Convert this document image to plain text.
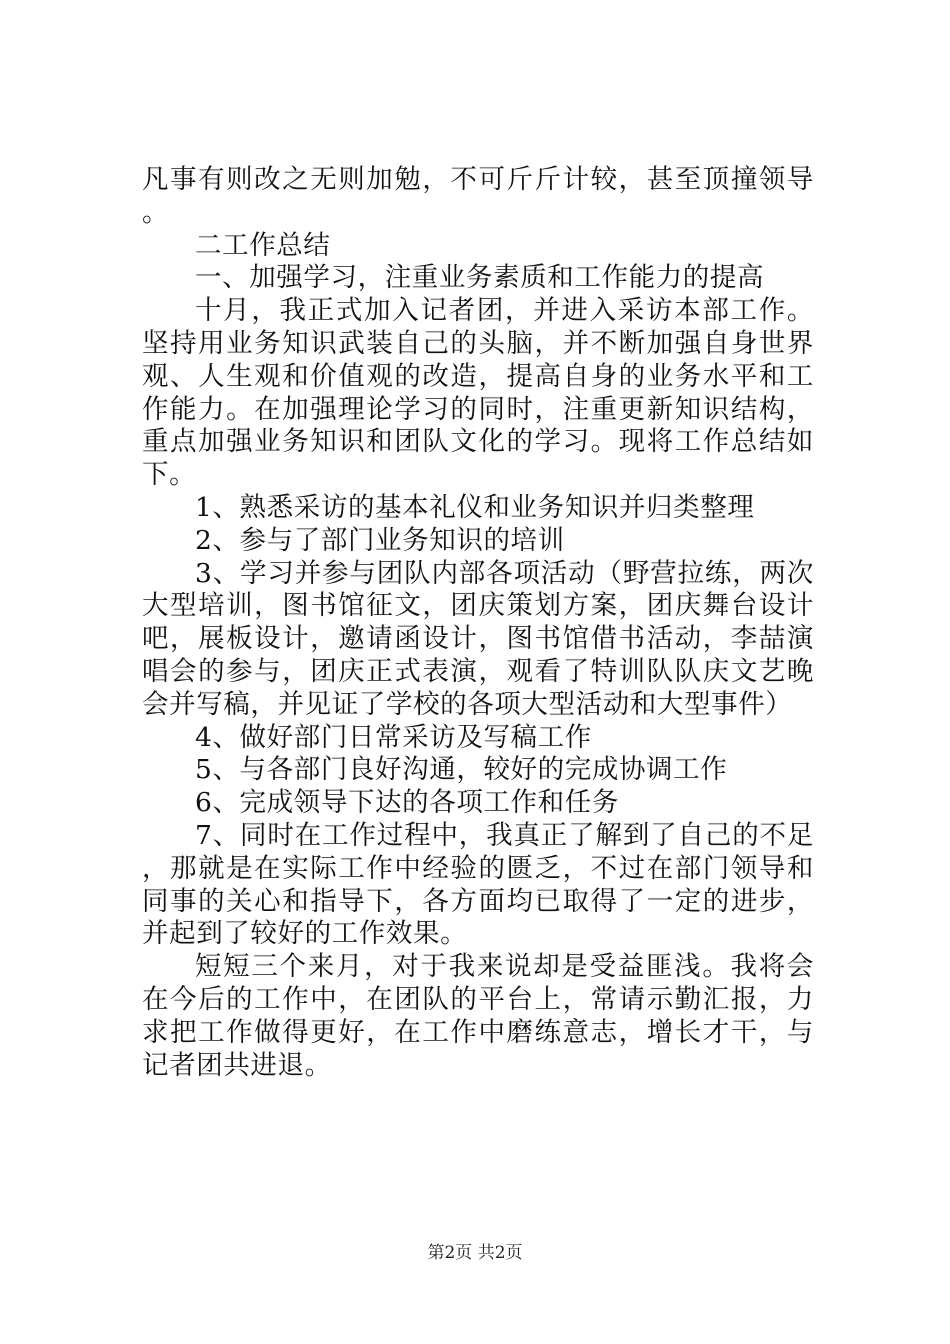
凡事有则改之无则加勉，不可斤斤计较，甚至顶撞领导。

二工作总结

一、加强学习，注重业务素质和工作能力的提高

十月，我正式加入记者团，并进入采访本部工作。坚持用业务知识武装自己的头脑，并不断加强自身世界观、人生观和价值观的改造，提高自身的业务水平和工作能力。在加强理论学习的同时，注重更新知识结构，重点加强业务知识和团队文化的学习。现将工作总结如下。

1、熟悉采访的基本礼仪和业务知识并归类整理

2、参与了部门业务知识的培训

3、学习并参与团队内部各项活动（野营拉练，两次大型培训，图书馆征文，团庆策划方案，团庆舞台设计吧，展板设计，邀请函设计，图书馆借书活动，李喆演唱会的参与，团庆正式表演，观看了特训队队庆文艺晚会并写稿，并见证了学校的各项大型活动和大型事件）

4、做好部门日常采访及写稿工作

5、与各部门良好沟通，较好的完成协调工作

6、完成领导下达的各项工作和任务

7、同时在工作过程中，我真正了解到了自己的不足，那就是在实际工作中经验的匮乏，不过在部门领导和同事的关心和指导下，各方面均已取得了一定的进步，并起到了较好的工作效果。

短短三个来月，对于我来说却是受益匪浅。我将会在今后的工作中，在团队的平台上，常请示勤汇报，力求把工作做得更好，在工作中磨练意志，增长才干，与记者团共进退。

第2页 共2页
